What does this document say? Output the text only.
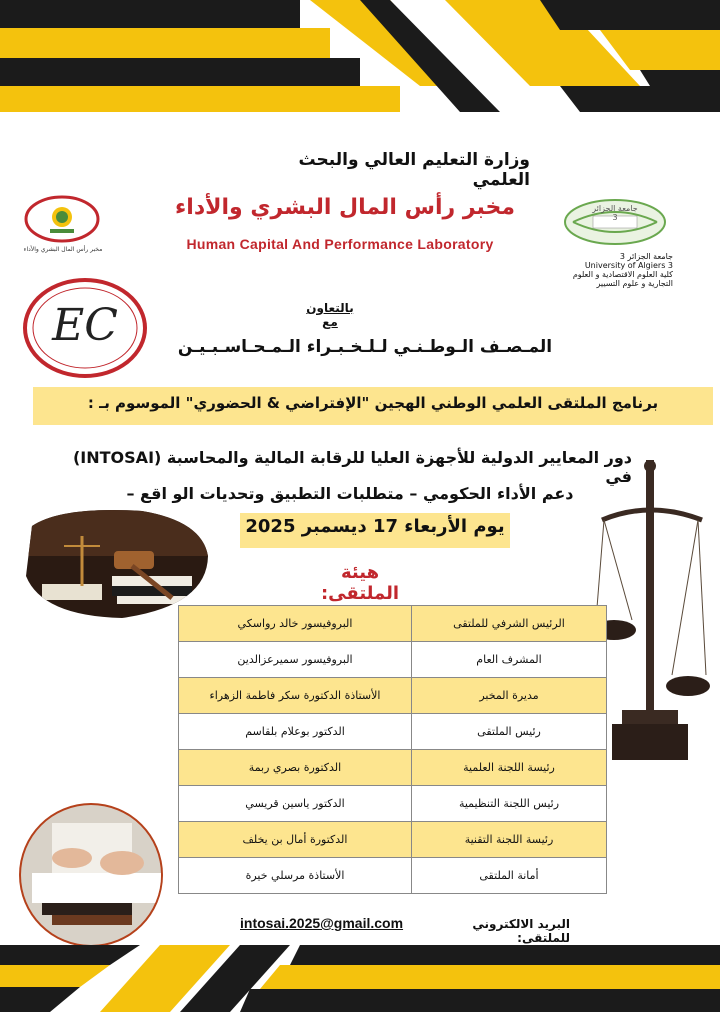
مخبر رأس المال البشري والأداء
جامعة الجزائر 3
جامعة الجزائر 3
University of Algiers 3
كلية العلوم الاقتصادية و العلوم
التجارية و علوم التسيير
وزارة التعليم العالي والبحث العلمي
مخبر رأس المال البشري والأداء
Human Capital And Performance Laboratory
EC	بالتعاون مع
المـصـف الـوطـنـي لـلـخـبـراء الـمـحـاسـبـيـن
برنامج الملتقى العلمي الوطني الهجين "الإفتراضي & الحضوري" الموسوم بـ :
دور المعايير الدولية للأجهزة العليا للرقابة المالية والمحاسبة (INTOSAI) في
دعم الأداء الحكومي – متطلبات التطبيق وتحديات الو اقع –
يوم الأربعاء 17 ديسمبر 2025
هيئة الملتقى:
الرئيس الشرفي للملتقى	البروفيسور خالد رواسكي
المشرف العام	البروفيسور سميرعزالدين
مديرة المخبر	الأستاذة الدكتورة سكر فاطمة الزهراء
رئيس الملتقى	الدكتور بوعلام بلقاسم
رئيسة اللجنة العلمية	الدكتورة بصري ربمة
رئيس اللجنة التنظيمية	الدكتور ياسين قريسي
رئيسة اللجنة التقنية	الدكتورة أمال بن يخلف
أمانة الملتقى	الأستاذة مرسلي خيرة
البريد الالكتروني للملتقى:
intosai.2025@gmail.com
